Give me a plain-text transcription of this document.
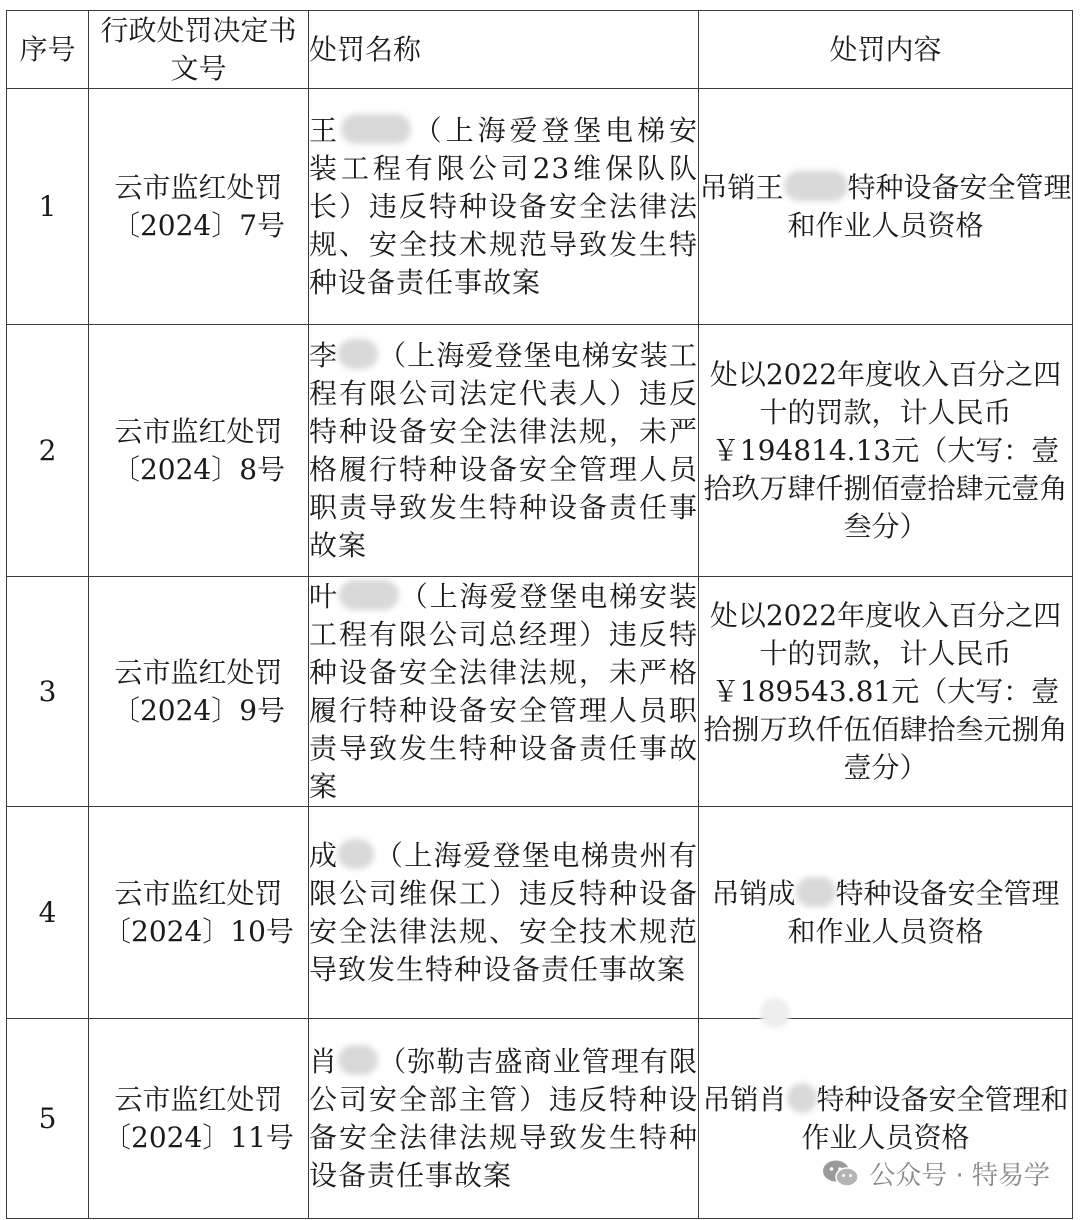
序号	行政处罚决定书文号	处罚名称	处罚内容
1	云市监红处罚〔2024〕7号	王 （上海爱登堡电梯安装工程有限公司23维保队队长）违反特种设备安全法律法规、安全技术规范导致发生特种设备责任事故案	吊销王 特种设备安全管理和作业人员资格
2	云市监红处罚〔2024〕8号	李 （上海爱登堡电梯安装工程有限公司法定代表人）违反特种设备安全法律法规，未严格履行特种设备安全管理人员职责导致发生特种设备责任事故案	处以2022年度收入百分之四十的罚款，计人民币￥194814.13元（大写：壹拾玖万肆仟捌佰壹拾肆元壹角叁分）
3	云市监红处罚〔2024〕9号	叶 （上海爱登堡电梯安装工程有限公司总经理）违反特种设备安全法律法规，未严格履行特种设备安全管理人员职责导致发生特种设备责任事故案	处以2022年度收入百分之四十的罚款，计人民币￥189543.81元（大写：壹拾捌万玖仟伍佰肆拾叁元捌角壹分）
4	云市监红处罚〔2024〕10号	成 （上海爱登堡电梯贵州有限公司维保工）违反特种设备安全法律法规、安全技术规范导致发生特种设备责任事故案	吊销成 特种设备安全管理和作业人员资格
5	云市监红处罚〔2024〕11号	肖 （弥勒吉盛商业管理有限公司安全部主管）违反特种设备安全法律法规导致发生特种设备责任事故案	吊销肖 特种设备安全管理和作业人员资格
公众号 · 特易学
